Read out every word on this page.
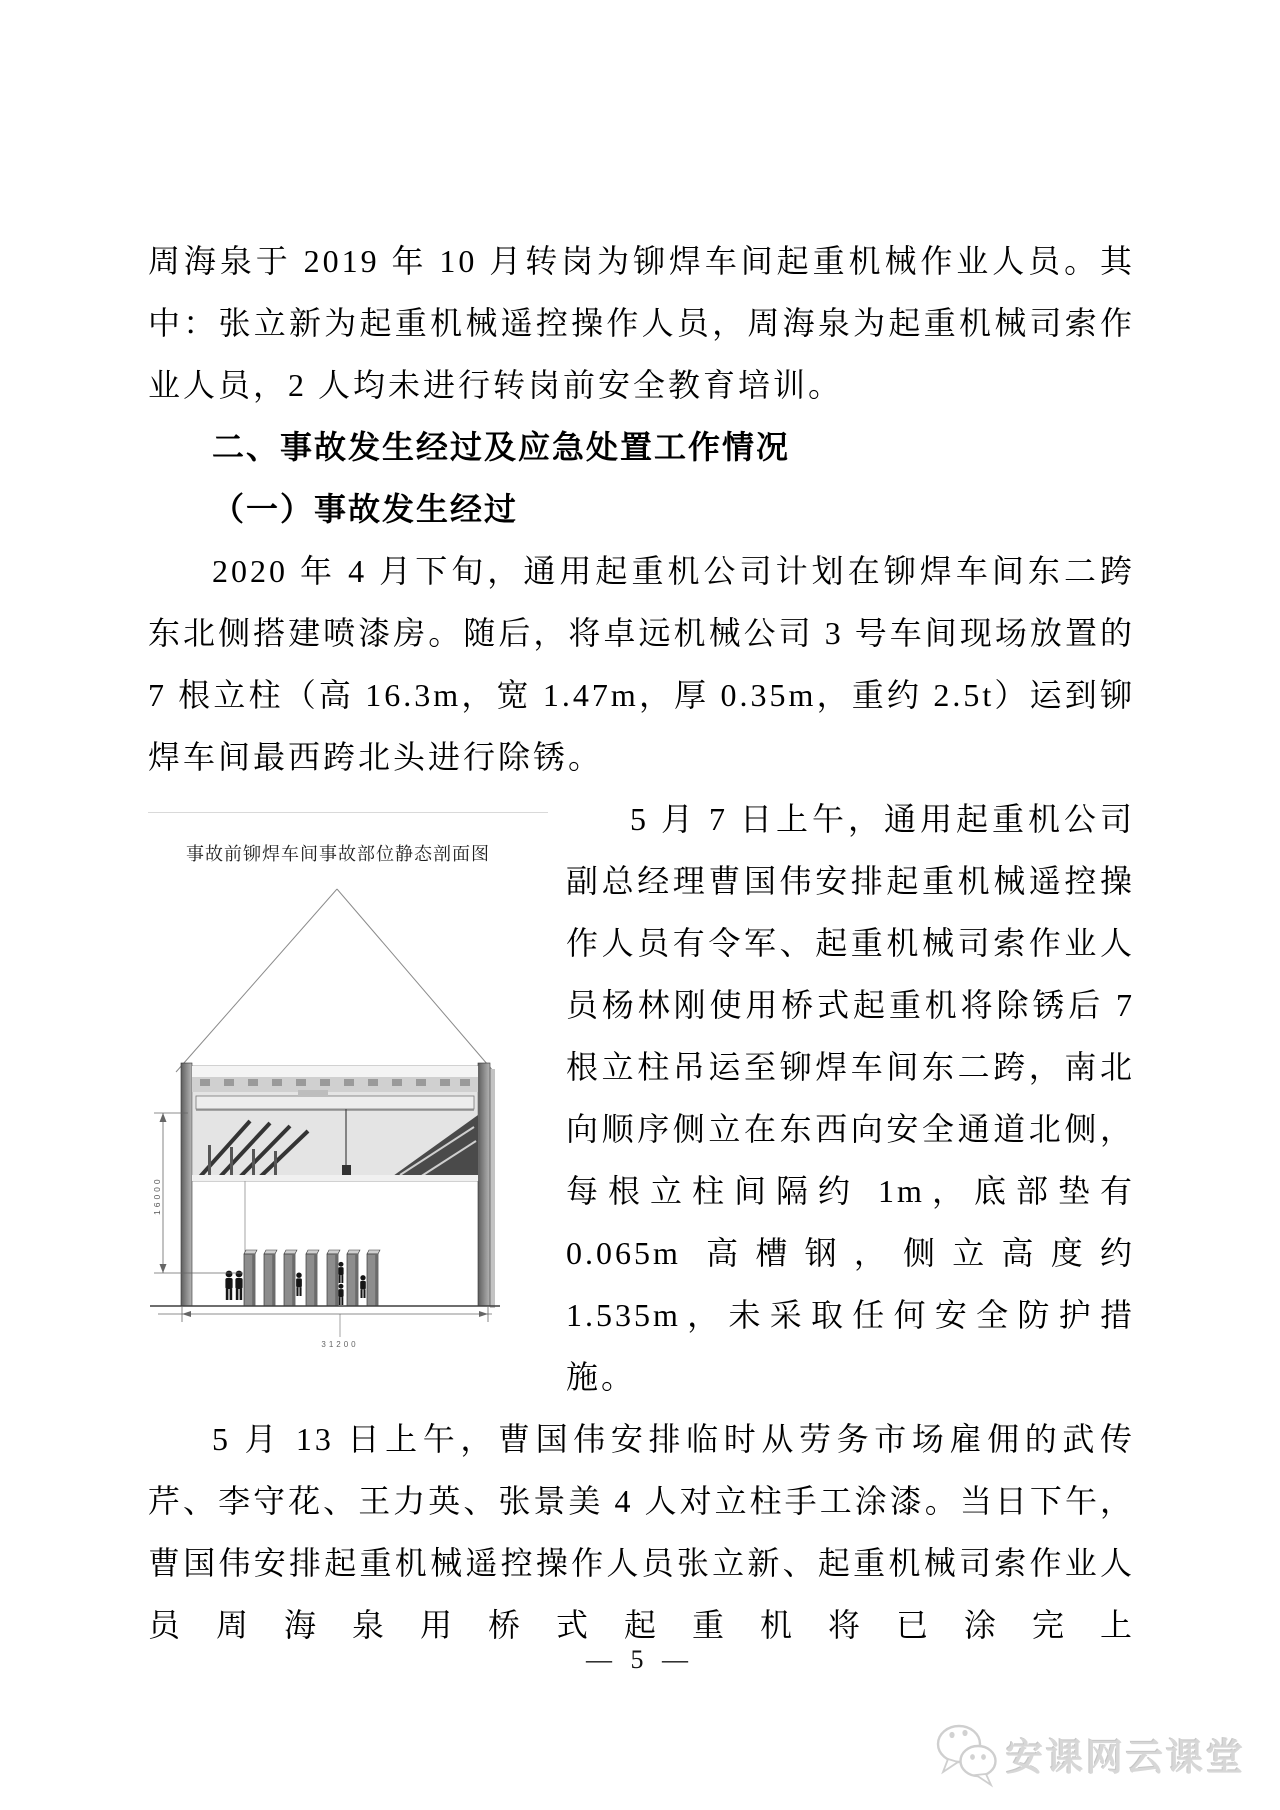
周海泉于 2019 年 10 月转岗为铆焊车间起重机械作业人员。其中：张立新为起重机械遥控操作人员，周海泉为起重机械司索作业人员，2 人均未进行转岗前安全教育培训。

二、事故发生经过及应急处置工作情况

（一）事故发生经过

2020 年 4 月下旬，通用起重机公司计划在铆焊车间东二跨东北侧搭建喷漆房。随后，将卓远机械公司 3 号车间现场放置的 7 根立柱（高 16.3m，宽 1.47m，厚 0.35m，重约 2.5t）运到铆焊车间最西跨北头进行除锈。

事故前铆焊车间事故部位静态剖面图
16000
31200

5 月 7 日上午，通用起重机公司副总经理曹国伟安排起重机械遥控操作人员有令军、起重机械司索作业人员杨林刚使用桥式起重机将除锈后 7 根立柱吊运至铆焊车间东二跨，南北向顺序侧立在东西向安全通道北侧，每根立柱间隔约 1m，底部垫有 0.065m 高槽钢，侧立高度约 1.535m，未采取任何安全防护措施。

5 月 13 日上午，曹国伟安排临时从劳务市场雇佣的武传芹、李守花、王力英、张景美 4 人对立柱手工涂漆。当日下午，曹国伟安排起重机械遥控操作人员张立新、起重机械司索作业人员周海泉用桥式起重机将已涂完上

— 5 —
安课网云课堂
